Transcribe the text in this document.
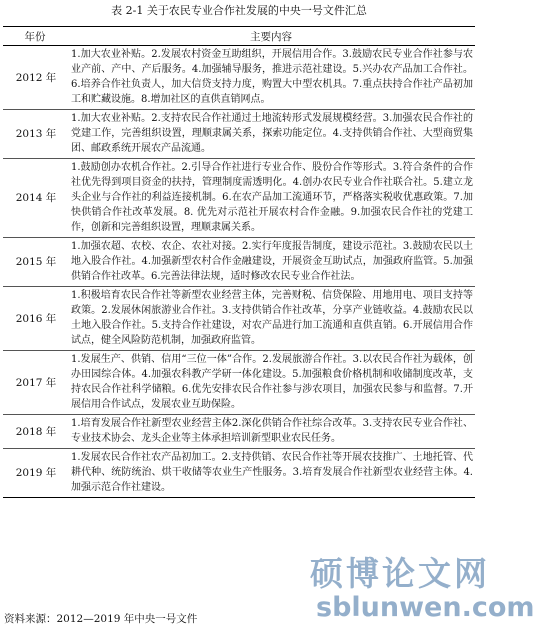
表 2-1 关于农民专业合作社发展的中央一号文件汇总
年份	主要内容
2012 年	1.加大农业补贴。2.发展农村资金互助组织，开展信用合作。3.鼓励农民专业合作社参与农业产前、产中、产后服务。4.加强辅导服务，推进示范社建设。5.兴办农产品加工合作社。6.培养合作社负责人，加大信贷支持力度，购置大中型农机具。7.重点扶持合作社产品初加工和贮藏设施。8.增加社区的直供直销网点。
2013 年	1.加大农业补贴。2.支持农民合作社通过土地流转形式发展规模经营。3.加强农民合作社的党建工作，完善组织设置，理顺隶属关系，探索功能定位。4.支持供销合作社、大型商贸集团、邮政系统开展农产品流通。
2014 年	1.鼓励创办农机合作社。2.引导合作社进行专业合作、股份合作等形式。3.符合条件的合作社优先得到项目资金的扶持，管理制度需透明化。4.创办农民专业合作社联合社。5.建立龙头企业与合作社的利益连接机制。6.在农产品加工流通环节，严格落实税收优惠政策。7.加快供销合作社改革发展。8. 优先对示范社开展农村合作金融。9.加强农民合作社的党建工作，创新和完善组织设置，理顺隶属关系。
2015 年	1.加强农超、农校、农企、农社对接。2.实行年度报告制度，建设示范社。3.鼓励农民以土地入股合作社。4.加强新型农村合作金融建设，开展资金互助试点，加强政府监管。5.加强供销合作社改革。6.完善法律法规，适时修改农民专业合作社法。
2016 年	1.积极培育农民合作社等新型农业经营主体，完善财税、信贷保险、用地用电、项目支持等政策。2.发展休闲旅游业合作社。3.支持供销合作社改革，分享产业链收益。4.鼓励农民以土地入股合作社。5.支持合作社建设，对农产品进行加工流通和直供直销。6.开展信用合作试点，健全风险防范机制，加强政府监管。
2017 年	1.发展生产、供销、信用“三位一体”合作。2.发展旅游合作社。3.以农民合作社为载体，创办田园综合体。4.加强农科教产学研一体化建设。5.加强粮食价格机制和收储制度改革，支持农民合作社科学储粮。6.优先安排农民合作社参与涉农项目，加强农民参与和监督。7.开展信用合作试点，发展农业互助保险。
2018 年	1.培育发展合作社新型农业经营主体2.深化供销合作社综合改革。3.支持农民专业合作社、专业技术协会、龙头企业等主体承担培训新型职业农民任务。
2019 年	1.发展农民合作社农产品初加工。2.支持供销、农民合作社等开展农技推广、土地托管、代耕代种、统防统治、烘干收储等农业生产性服务。3.培育发展合作社新型农业经营主体。4.加强示范合作社建设。
资料来源：2012—2019 年中央一号文件
硕博论文网
sblunwen.com
